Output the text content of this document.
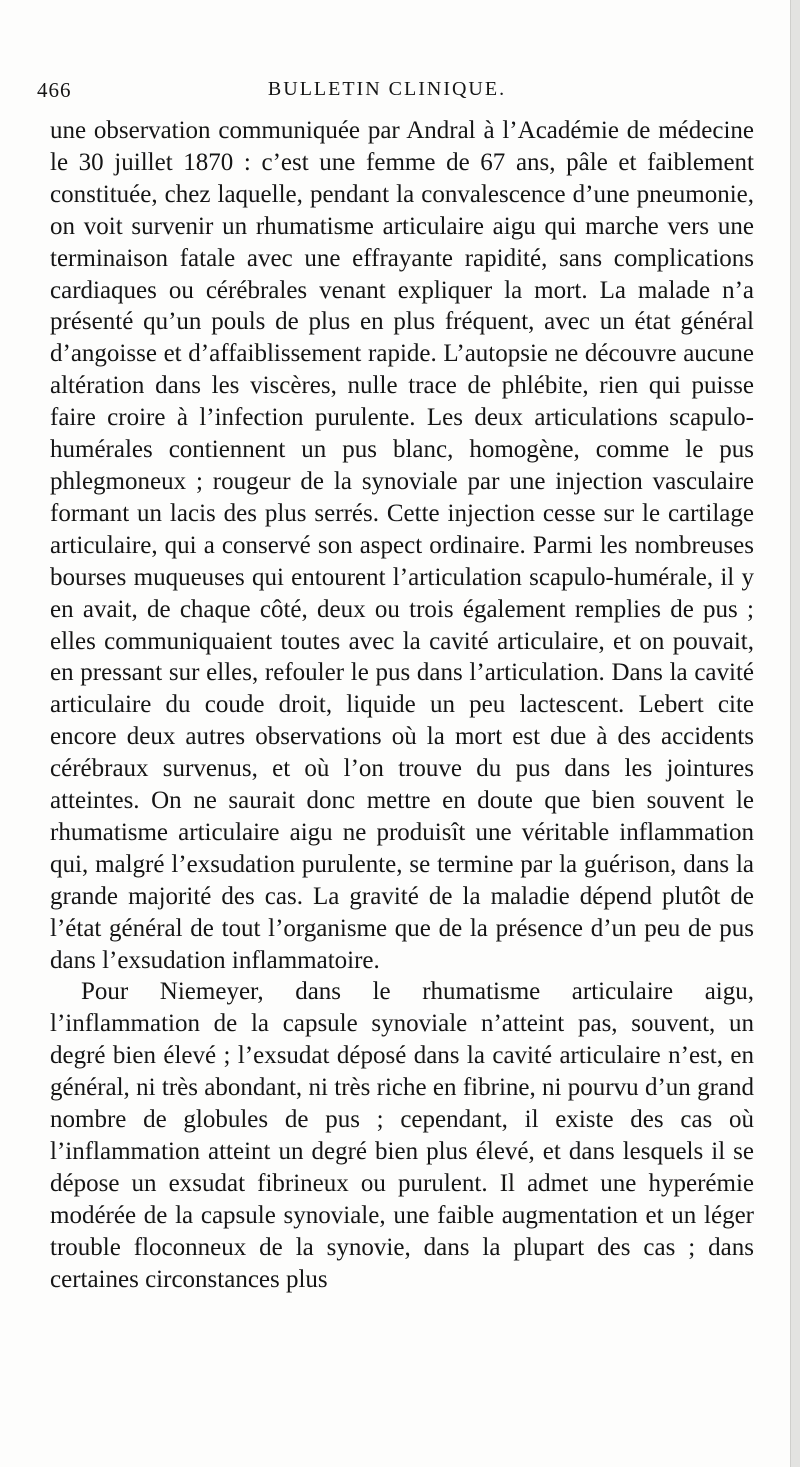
466	BULLETIN CLINIQUE.

une observation communiquée par Andral à l’Académie de médecine le 30 juillet 1870 : c’est une femme de 67 ans, pâle et faiblement constituée, chez laquelle, pendant la convalescence d’une pneumonie, on voit survenir un rhumatisme articulaire aigu qui marche vers une terminaison fatale avec une effrayante rapidité, sans complications cardiaques ou cérébrales venant expliquer la mort. La malade n’a présenté qu’un pouls de plus en plus fréquent, avec un état général d’angoisse et d’affaiblissement rapide. L’autopsie ne découvre aucune altération dans les viscères, nulle trace de phlébite, rien qui puisse faire croire à l’infection purulente. Les deux articulations scapulo-humérales contiennent un pus blanc, homogène, comme le pus phlegmoneux ; rougeur de la synoviale par une injection vasculaire formant un lacis des plus serrés. Cette injection cesse sur le cartilage articulaire, qui a conservé son aspect ordinaire. Parmi les nombreuses bourses muqueuses qui entourent l’articulation scapulo-humérale, il y en avait, de chaque côté, deux ou trois également remplies de pus ; elles communiquaient toutes avec la cavité articulaire, et on pouvait, en pressant sur elles, refouler le pus dans l’articulation. Dans la cavité articulaire du coude droit, liquide un peu lactescent. Lebert cite encore deux autres observations où la mort est due à des accidents cérébraux survenus, et où l’on trouve du pus dans les jointures atteintes. On ne saurait donc mettre en doute que bien souvent le rhumatisme articulaire aigu ne produisît une véritable inflammation qui, malgré l’exsudation purulente, se termine par la guérison, dans la grande majorité des cas. La gravité de la maladie dépend plutôt de l’état général de tout l’organisme que de la présence d’un peu de pus dans l’exsudation inflammatoire.

Pour Niemeyer, dans le rhumatisme articulaire aigu, l’inflammation de la capsule synoviale n’atteint pas, souvent, un degré bien élevé ; l’exsudat déposé dans la cavité articulaire n’est, en général, ni très abondant, ni très riche en fibrine, ni pourvu d’un grand nombre de globules de pus ; cependant, il existe des cas où l’inflammation atteint un degré bien plus élevé, et dans lesquels il se dépose un exsudat fibrineux ou purulent. Il admet une hyperémie modérée de la capsule synoviale, une faible augmentation et un léger trouble floconneux de la synovie, dans la plupart des cas ; dans certaines circonstances plus
